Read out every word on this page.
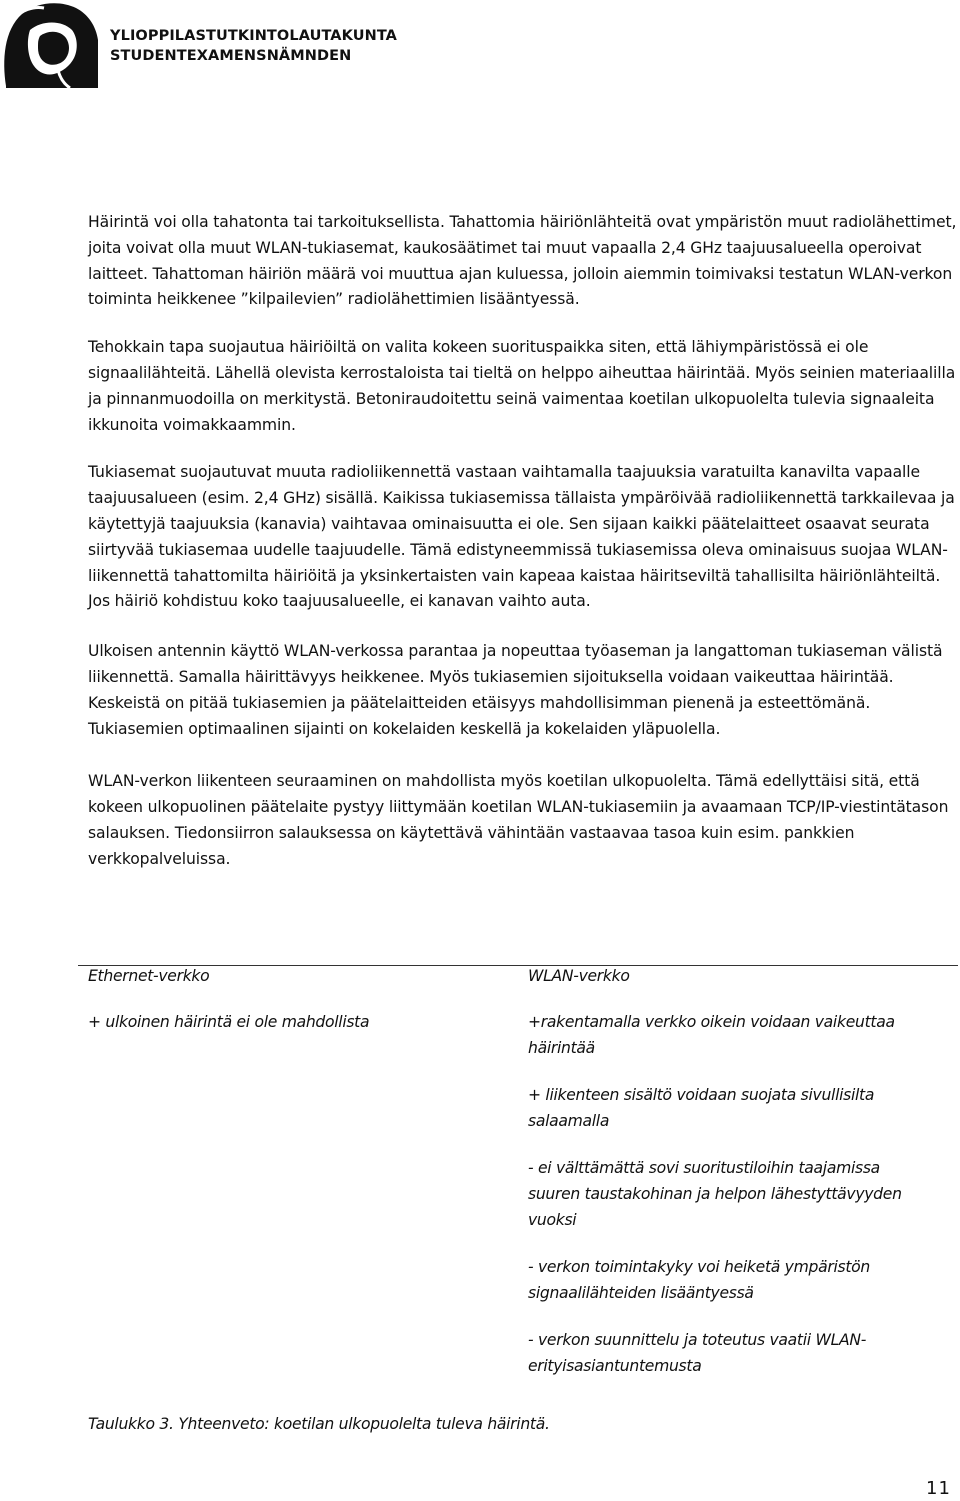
YLIOPPILASTUTKINTOLAUTAKUNTA
STUDENTEXAMENSNÄMNDEN

Häirintä voi olla tahatonta tai tarkoituksellista. Tahattomia häiriönlähteitä ovat ympäristön muut radiolähettimet, joita voivat olla muut WLAN-tukiasemat, kaukosäätimet tai muut vapaalla 2,4 GHz taajuusalueella operoivat laitteet. Tahattoman häiriön määrä voi muuttua ajan kuluessa, jolloin aiemmin toimivaksi testatun WLAN-verkon toiminta heikkenee ”kilpailevien” radiolähettimien lisääntyessä.

Tehokkain tapa suojautua häiriöiltä on valita kokeen suorituspaikka siten, että lähiympäristössä ei ole signaalilähteitä. Lähellä olevista kerrostaloista tai tieltä on helppo aiheuttaa häirintää. Myös seinien materiaalilla ja pinnanmuodoilla on merkitystä. Betoniraudoitettu seinä vaimentaa koetilan ulkopuolelta tulevia signaaleita ikkunoita voimakkaammin.

Tukiasemat suojautuvat muuta radioliikennettä vastaan vaihtamalla taajuuksia varatuilta kanavilta vapaalle taajuusalueen (esim. 2,4 GHz) sisällä. Kaikissa tukiasemissa tällaista ympäröivää radioliikennettä tarkkailevaa ja käytettyjä taajuuksia (kanavia) vaihtavaa ominaisuutta ei ole. Sen sijaan kaikki päätelaitteet osaavat seurata siirtyvää tukiasemaa uudelle taajuudelle. Tämä edistyneemmissä tukiasemissa oleva ominaisuus suojaa WLAN-liikennettä tahattomilta häiriöitä ja yksinkertaisten vain kapeaa kaistaa häiritseviltä tahallisilta häiriönlähteiltä. Jos häiriö kohdistuu koko taajuusalueelle, ei kanavan vaihto auta.

Ulkoisen antennin käyttö WLAN-verkossa parantaa ja nopeuttaa työaseman ja langattoman tukiaseman välistä liikennettä. Samalla häirittävyys heikkenee. Myös tukiasemien sijoituksella voidaan vaikeuttaa häirintää. Keskeistä on pitää tukiasemien ja päätelaitteiden etäisyys mahdollisimman pienenä ja esteettömänä. Tukiasemien optimaalinen sijainti on kokelaiden keskellä ja kokelaiden yläpuolella.

WLAN-verkon liikenteen seuraaminen on mahdollista myös koetilan ulkopuolelta. Tämä edellyttäisi sitä, että kokeen ulkopuolinen päätelaite pystyy liittymään koetilan WLAN-tukiasemiin ja avaamaan TCP/IP-viestintätason salauksen. Tiedonsiirron salauksessa on käytettävä vähintään vastaavaa tasoa kuin esim. pankkien verkkopalveluissa.

Ethernet-verkko
+ ulkoinen häirintä ei ole mahdollista
WLAN-verkko
+rakentamalla verkko oikein voidaan vaikeuttaa häirintää
+ liikenteen sisältö voidaan suojata sivullisilta salaamalla
- ei välttämättä sovi suoritustiloihin taajamissa suuren taustakohinan ja helpon lähestyttävyyden vuoksi
- verkon toimintakyky voi heiketä ympäristön signaalilähteiden lisääntyessä
- verkon suunnittelu ja toteutus vaatii WLAN-erityisasiantuntemusta
Taulukko 3. Yhteenveto: koetilan ulkopuolelta tuleva häirintä.
11
